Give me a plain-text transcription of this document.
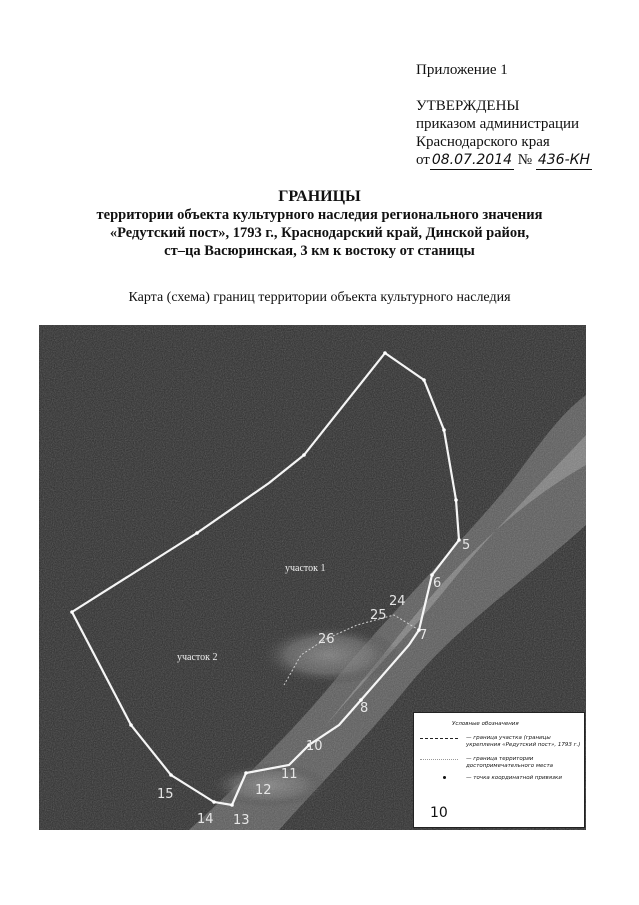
Приложение 1
УТВЕРЖДЕНЫ
приказом администрации
Краснодарского края
от 08.07.2014 № 436-КН
ГРАНИЦЫ
территории объекта культурного наследия регионального значения
«Редутский пост», 1793 г., Краснодарский край, Динской район,
ст–ца Васюринская, 3 км к востоку от станицы
Карта (схема) границ территории объекта культурного наследия
участок 1
участок 2
5
6
7
8
10
11
12
13
14
15
24
25
26
Условные обозначения
— граница участка (границы укрепления «Редутский пост», 1793 г.)
— граница территории достопримечательного места
— точка координатной привязки
10
